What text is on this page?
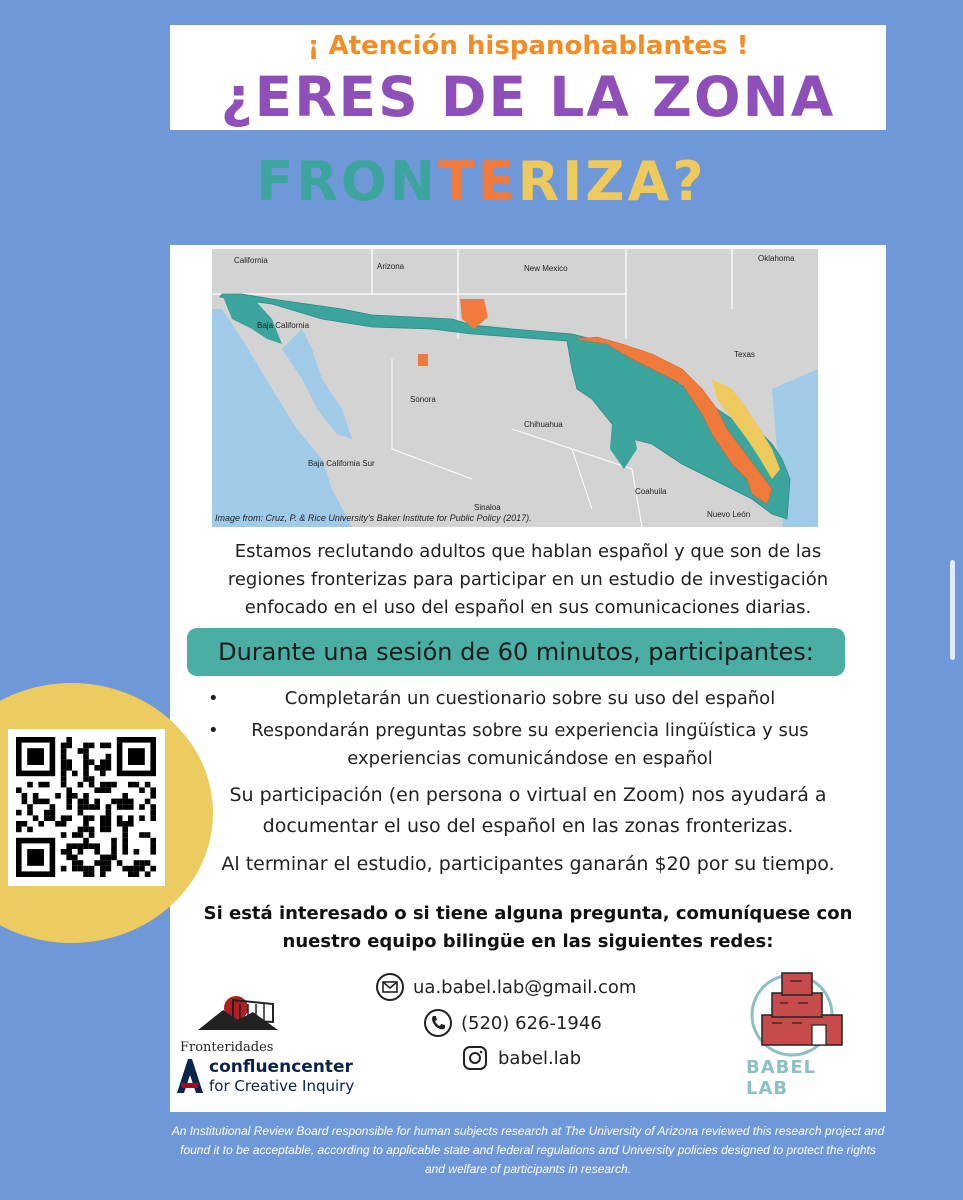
¡ Atención hispanohablantes !
¿ERES DE LA ZONA
FRONTERIZA?
California
Arizona	New Mexico
Oklahoma
Texas
Baja California
Sonora
Chihuahua
Baja California Sur
Coahuila
Sinaloa
Nuevo León
Image from: Cruz, P. & Rice University's Baker Institute for Public Policy (2017).
Estamos reclutando adultos que hablan español y que son de las regiones fronterizas para participar en un estudio de investigación enfocado en el uso del español en sus comunicaciones diarias.
Durante una sesión de 60 minutos, participantes:
•	Completarán un cuestionario sobre su uso del español
• Respondarán preguntas sobre su experiencia lingüística y sus experiencias comunicándose en español
Su participación (en persona o virtual en Zoom) nos ayudará a documentar el uso del español en las zonas fronterizas.
Al terminar el estudio, participantes ganarán $20 por su tiempo.
Si está interesado o si tiene alguna pregunta, comuníquese con nuestro equipo bilingüe en las siguientes redes:
ua.babel.lab@gmail.com
(520) 626-1946
babel.lab
Fronteridades
confluencenter
for Creative Inquiry
BABEL LAB
An Institutional Review Board responsible for human subjects research at The University of Arizona reviewed this research project and found it to be acceptable, according to applicable state and federal regulations and University policies designed to protect the rights and welfare of participants in research.
